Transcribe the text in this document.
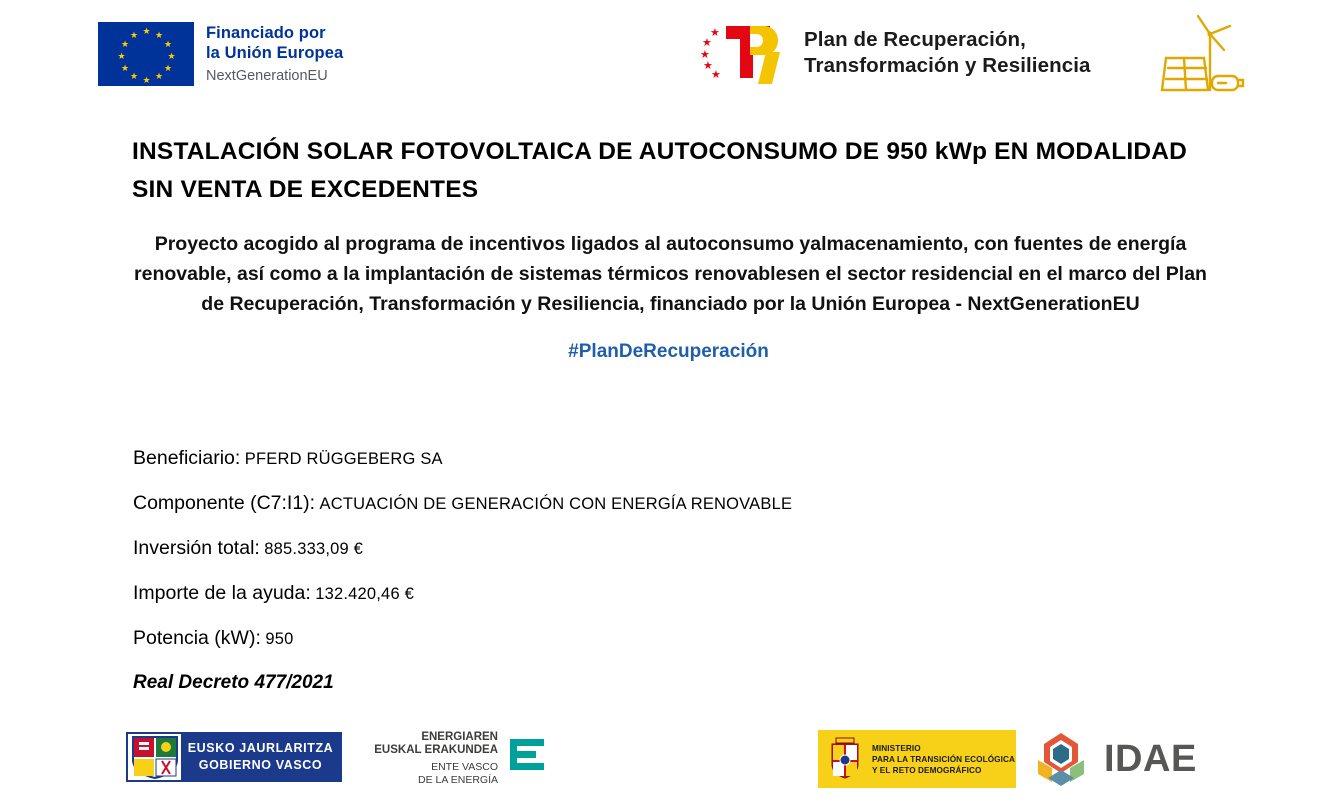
★ ★
★
★
★
★
★
★
★
★
★
★	Financiado por
la Unión Europea
NextGenerationEU
★
★
★
★
★
Plan de Recuperación,
Transformación y Resiliencia
INSTALACIÓN SOLAR FOTOVOLTAICA DE AUTOCONSUMO DE 950 kWp EN MODALIDAD SIN VENTA DE EXCEDENTES
Proyecto acogido al programa de incentivos ligados al autoconsumo yalmacenamiento, con fuentes de energía renovable, así como a la implantación de sistemas térmicos renovablesen el sector residencial en el marco del Plan de Recuperación, Transformación y Resiliencia, financiado por la Unión Europea - NextGenerationEU
#PlanDeRecuperación
Beneficiario: PFERD RÜGGEBERG SA
Componente (C7:I1): ACTUACIÓN DE GENERACIÓN CON ENERGÍA RENOVABLE
Inversión total: 885.333,09 €
Importe de la ayuda: 132.420,46 €
Potencia (kW): 950
Real Decreto 477/2021
EUSKO JAURLARITZA
GOBIERNO VASCO
ENERGIAREN
EUSKAL ERAKUNDEA
ENTE VASCO
DE LA ENERGÍA
MINISTERIO
PARA LA TRANSICIÓN ECOLÓGICA
Y EL RETO DEMOGRÁFICO	IDAE
